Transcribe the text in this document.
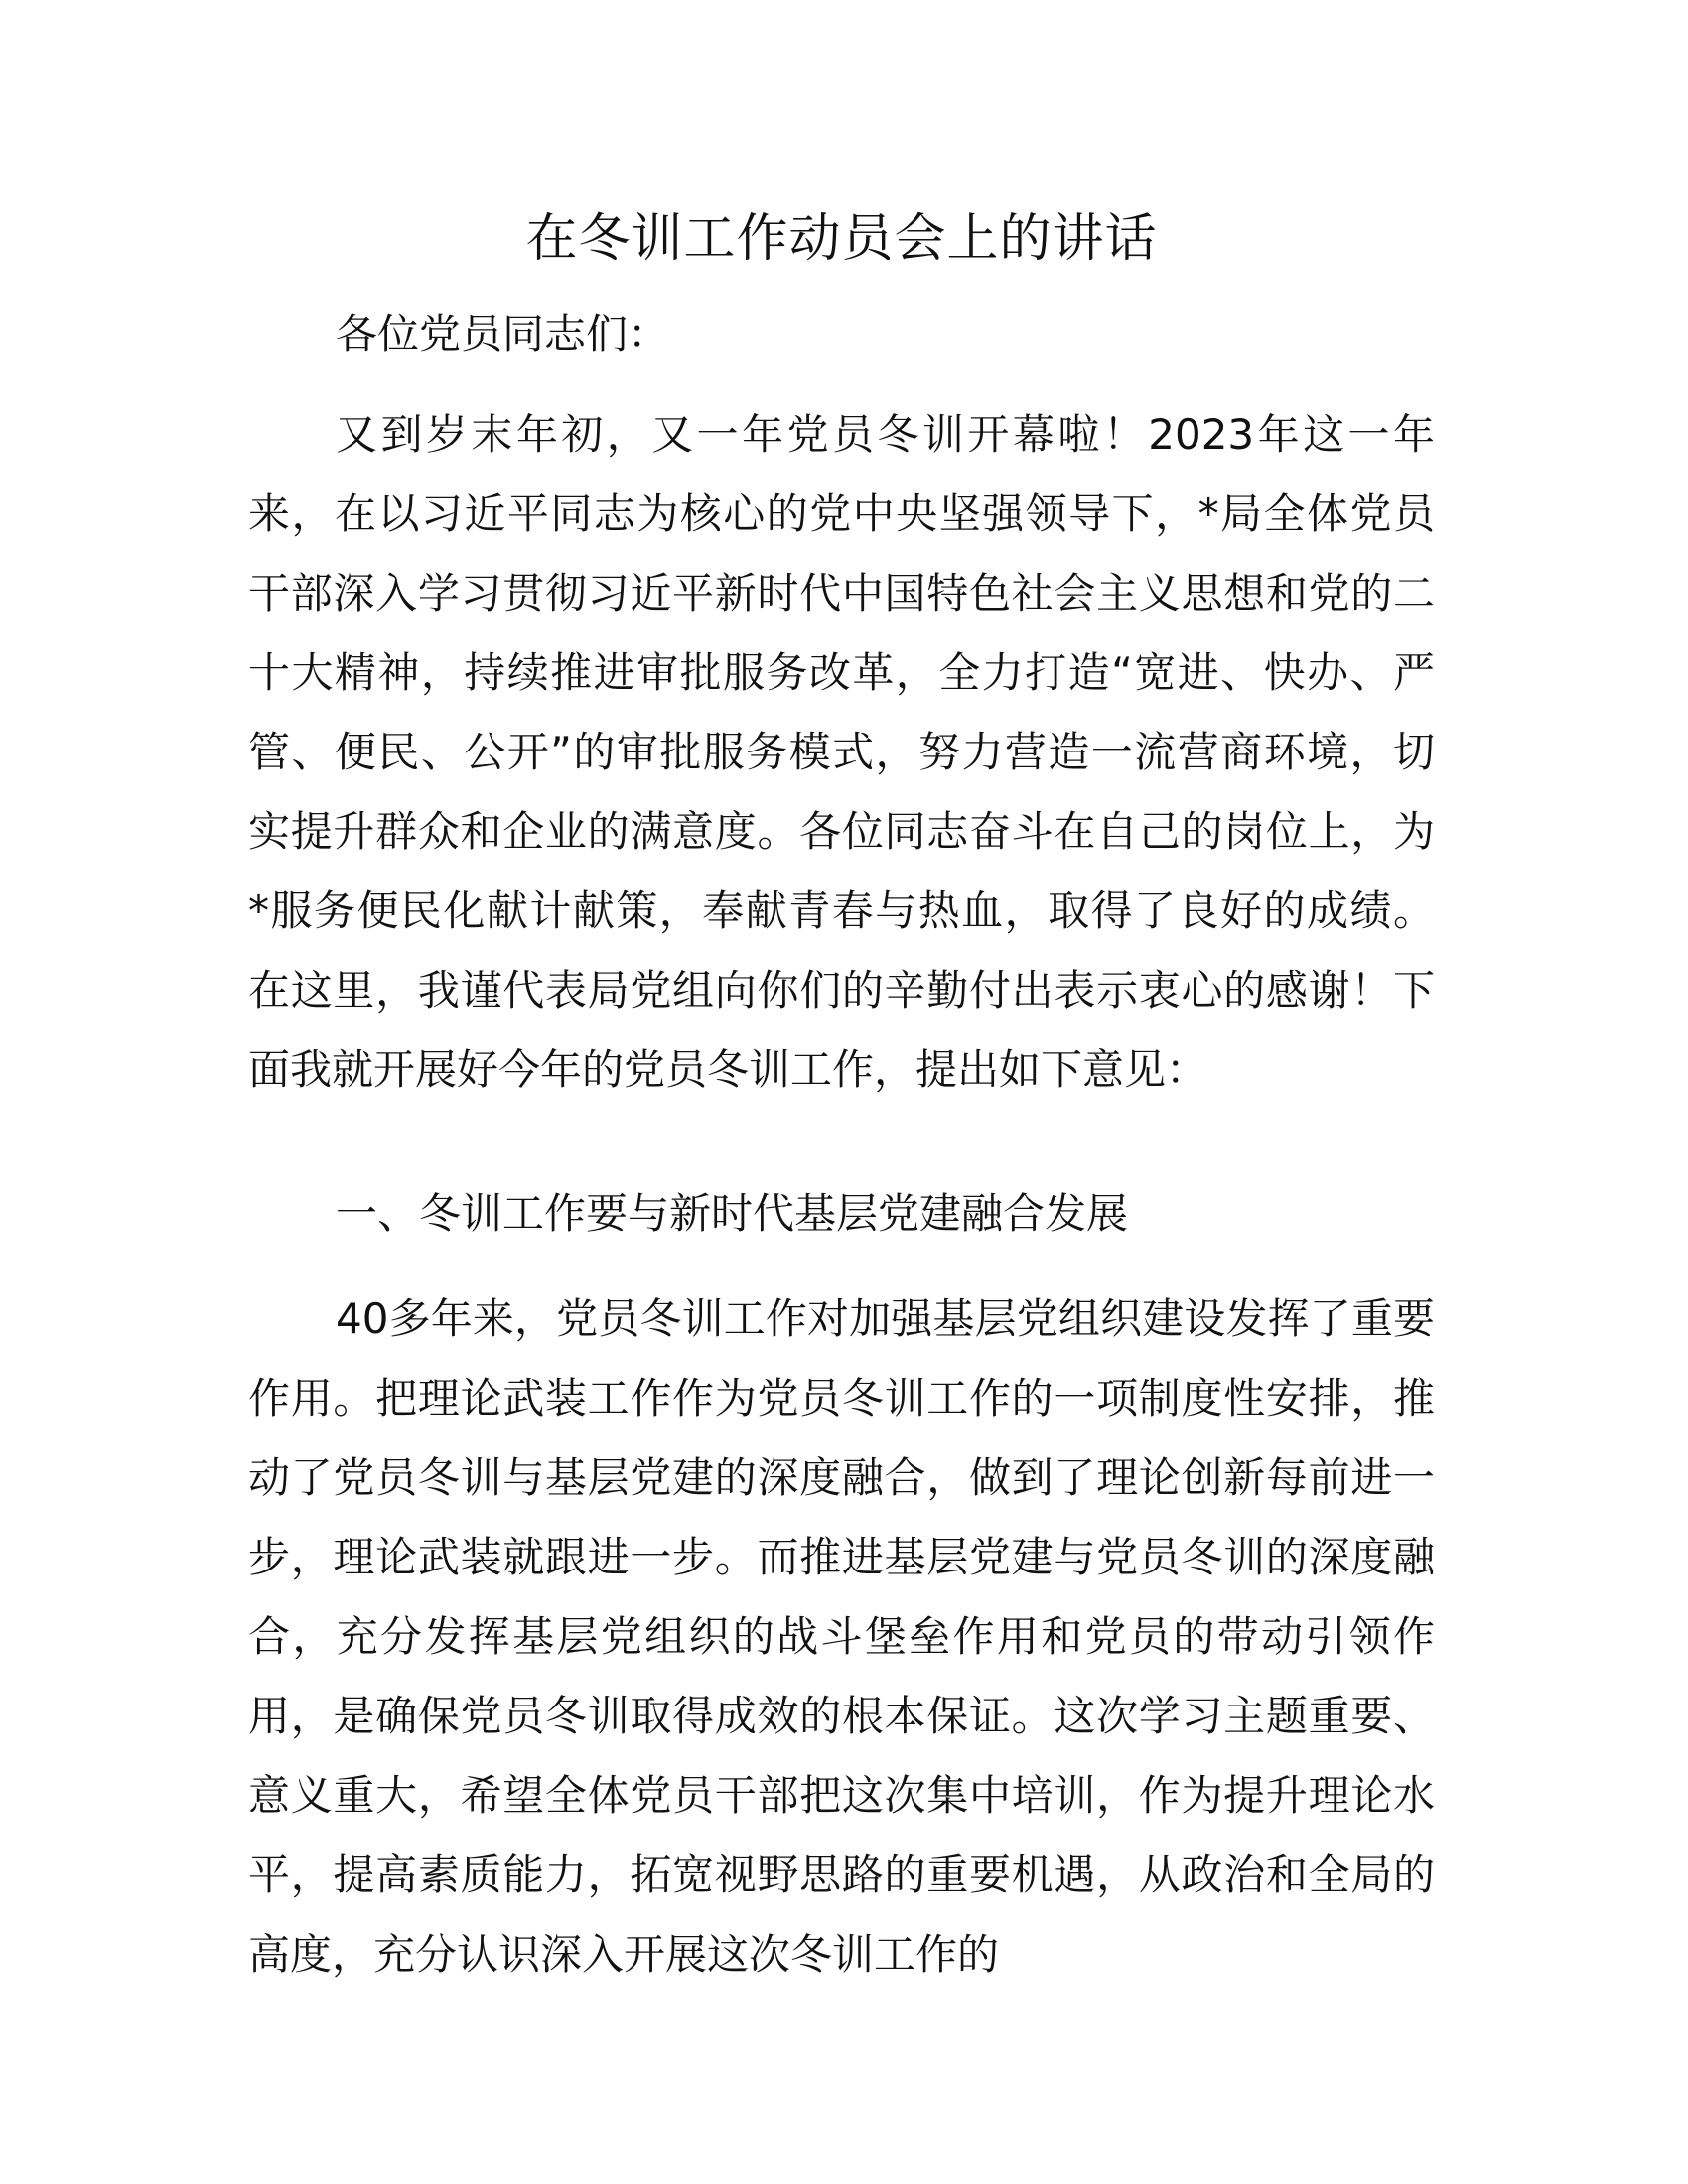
在冬训工作动员会上的讲话

各位党员同志们：

又到岁末年初，又一年党员冬训开幕啦！2023年这一年来，在以习近平同志为核心的党中央坚强领导下，*局全体党员干部深入学习贯彻习近平新时代中国特色社会主义思想和党的二十大精神，持续推进审批服务改革，全力打造“宽进、快办、严管、便民、公开”的审批服务模式，努力营造一流营商环境，切实提升群众和企业的满意度。各位同志奋斗在自己的岗位上，为*服务便民化献计献策，奉献青春与热血，取得了良好的成绩。在这里，我谨代表局党组向你们的辛勤付出表示衷心的感谢！下面我就开展好今年的党员冬训工作，提出如下意见：

一、冬训工作要与新时代基层党建融合发展

40多年来，党员冬训工作对加强基层党组织建设发挥了重要作用。把理论武装工作作为党员冬训工作的一项制度性安排，推动了党员冬训与基层党建的深度融合，做到了理论创新每前进一步，理论武装就跟进一步。而推进基层党建与党员冬训的深度融合，充分发挥基层党组织的战斗堡垒作用和党员的带动引领作用，是确保党员冬训取得成效的根本保证。这次学习主题重要、意义重大，希望全体党员干部把这次集中培训，作为提升理论水平，提高素质能力，拓宽视野思路的重要机遇，从政治和全局的高度，充分认识深入开展这次冬训工作的
